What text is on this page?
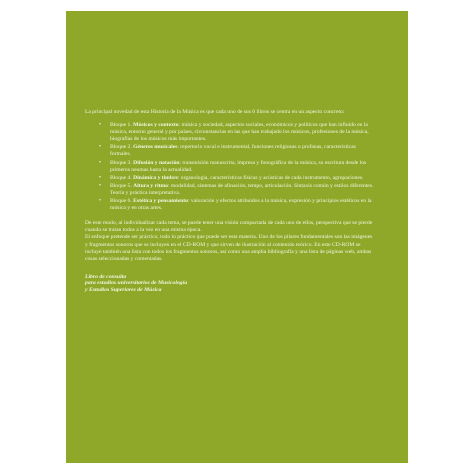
La principal novedad de esta Historia de la Música es que cada uno de sus 6 libros se centra en un aspecto concreto:

• Bloque 1. Músicos y contexto: música y sociedad, aspectos sociales, económicos y políticos que han influido en la música, entorno general y por países, circunstancias en las que han trabajado los músicos, profesiones de la música, biografías de los músicos más importantes.
• Bloque 2. Géneros musicales: repertorio vocal e instrumental, funciones religiosas o profanas, características formales.
• Bloque 3. Difusión y notación: transmisión manuscrita, impresa y fonográfica de la música, su escritura desde los primeros neumas hasta la actualidad.
• Bloque 4. Dinámica y timbre: organología, características físicas y acústicas de cada instrumento, agrupaciones.
• Bloque 5. Altura y ritmo: modalidad, sistemas de afinación, tempo, articulación. Sintaxis común y estilos diferentes. Teoría y práctica interpretativa.
• Bloque 6. Estética y pensamiento: valoración y efectos atribuidos a la música, expresión y principios estéticos en la música y en otras artes.

De este modo, al individualizar cada tema, se puede tener una visión compactada de cada uno de ellos, perspectiva que se pierde cuando se tratan todos a la vez en una misma época.

El enfoque pretende ser práctico, todo lo práctico que puede ser esta materia. Uno de los pilares fundamentales son las imágenes y fragmentos sonoros que se incluyen en el CD-ROM y que sirven de ilustración al contenido teórico. En este CD-ROM se incluye también una lista con todos los fragmentos sonoros, así como una amplia bibliografía y una lista de páginas web, ambas cosas seleccionadas y comentadas.

Libro de consulta
para estudios universitarios de Musicología
y Estudios Superiores de Música
